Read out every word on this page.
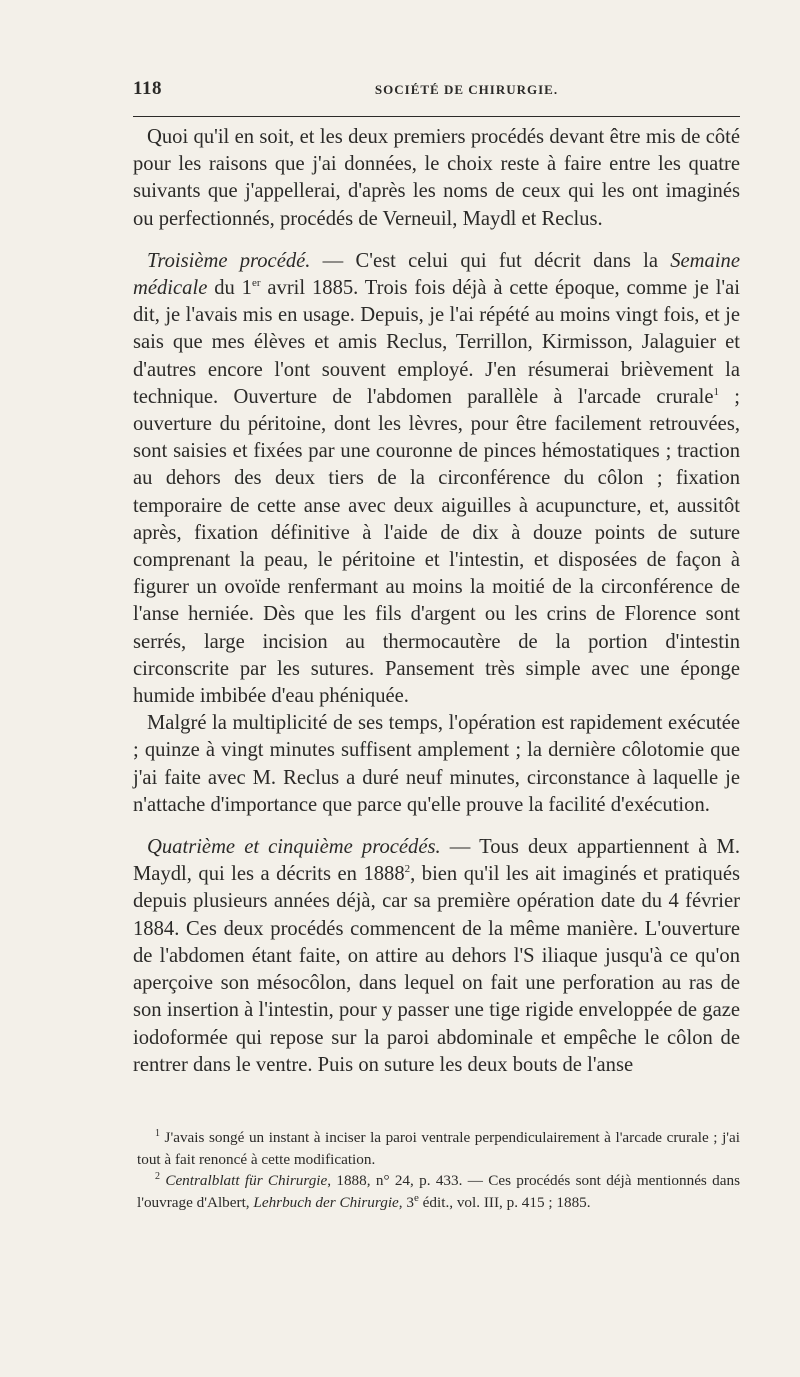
118	SOCIÉTÉ DE CHIRURGIE.

Quoi qu'il en soit, et les deux premiers procédés devant être mis de côté pour les raisons que j'ai données, le choix reste à faire entre les quatre suivants que j'appellerai, d'après les noms de ceux qui les ont imaginés ou perfectionnés, procédés de Verneuil, Maydl et Reclus.

Troisième procédé. — C'est celui qui fut décrit dans la Semaine médicale du 1er avril 1885. Trois fois déjà à cette époque, comme je l'ai dit, je l'avais mis en usage. Depuis, je l'ai répété au moins vingt fois, et je sais que mes élèves et amis Reclus, Terrillon, Kirmisson, Jalaguier et d'autres encore l'ont souvent employé. J'en résumerai brièvement la technique. Ouverture de l'abdomen parallèle à l'arcade crurale$^1$ ; ouverture du péritoine, dont les lèvres, pour être facilement retrouvées, sont saisies et fixées par une couronne de pinces hémostatiques ; traction au dehors des deux tiers de la circonférence du côlon ; fixation temporaire de cette anse avec deux aiguilles à acupuncture, et, aussitôt après, fixation définitive à l'aide de dix à douze points de suture comprenant la peau, le péritoine et l'intestin, et disposées de façon à figurer un ovoïde renfermant au moins la moitié de la circonférence de l'anse herniée. Dès que les fils d'argent ou les crins de Florence sont serrés, large incision au thermocautère de la portion d'intestin circonscrite par les sutures. Pansement très simple avec une éponge humide imbibée d'eau phéniquée.

Malgré la multiplicité de ses temps, l'opération est rapidement exécutée ; quinze à vingt minutes suffisent amplement ; la dernière côlotomie que j'ai faite avec M. Reclus a duré neuf minutes, circonstance à laquelle je n'attache d'importance que parce qu'elle prouve la facilité d'exécution.

Quatrième et cinquième procédés. — Tous deux appartiennent à M. Maydl, qui les a décrits en 1888$^2$, bien qu'il les ait imaginés et pratiqués depuis plusieurs années déjà, car sa première opération date du 4 février 1884. Ces deux procédés commencent de la même manière. L'ouverture de l'abdomen étant faite, on attire au dehors l'S iliaque jusqu'à ce qu'on aperçoive son mésocôlon, dans lequel on fait une perforation au ras de son insertion à l'intestin, pour y passer une tige rigide enveloppée de gaze iodoformée qui repose sur la paroi abdominale et empêche le côlon de rentrer dans le ventre. Puis on suture les deux bouts de l'anse

$^1$ J'avais songé un instant à inciser la paroi ventrale perpendiculairement à l'arcade crurale ; j'ai tout à fait renoncé à cette modification.

$^2$ Centralblatt für Chirurgie, 1888, n° 24, p. 433. — Ces procédés sont déjà mentionnés dans l'ouvrage d'Albert, Lehrbuch der Chirurgie, 3e édit., vol. III, p. 415 ; 1885.
